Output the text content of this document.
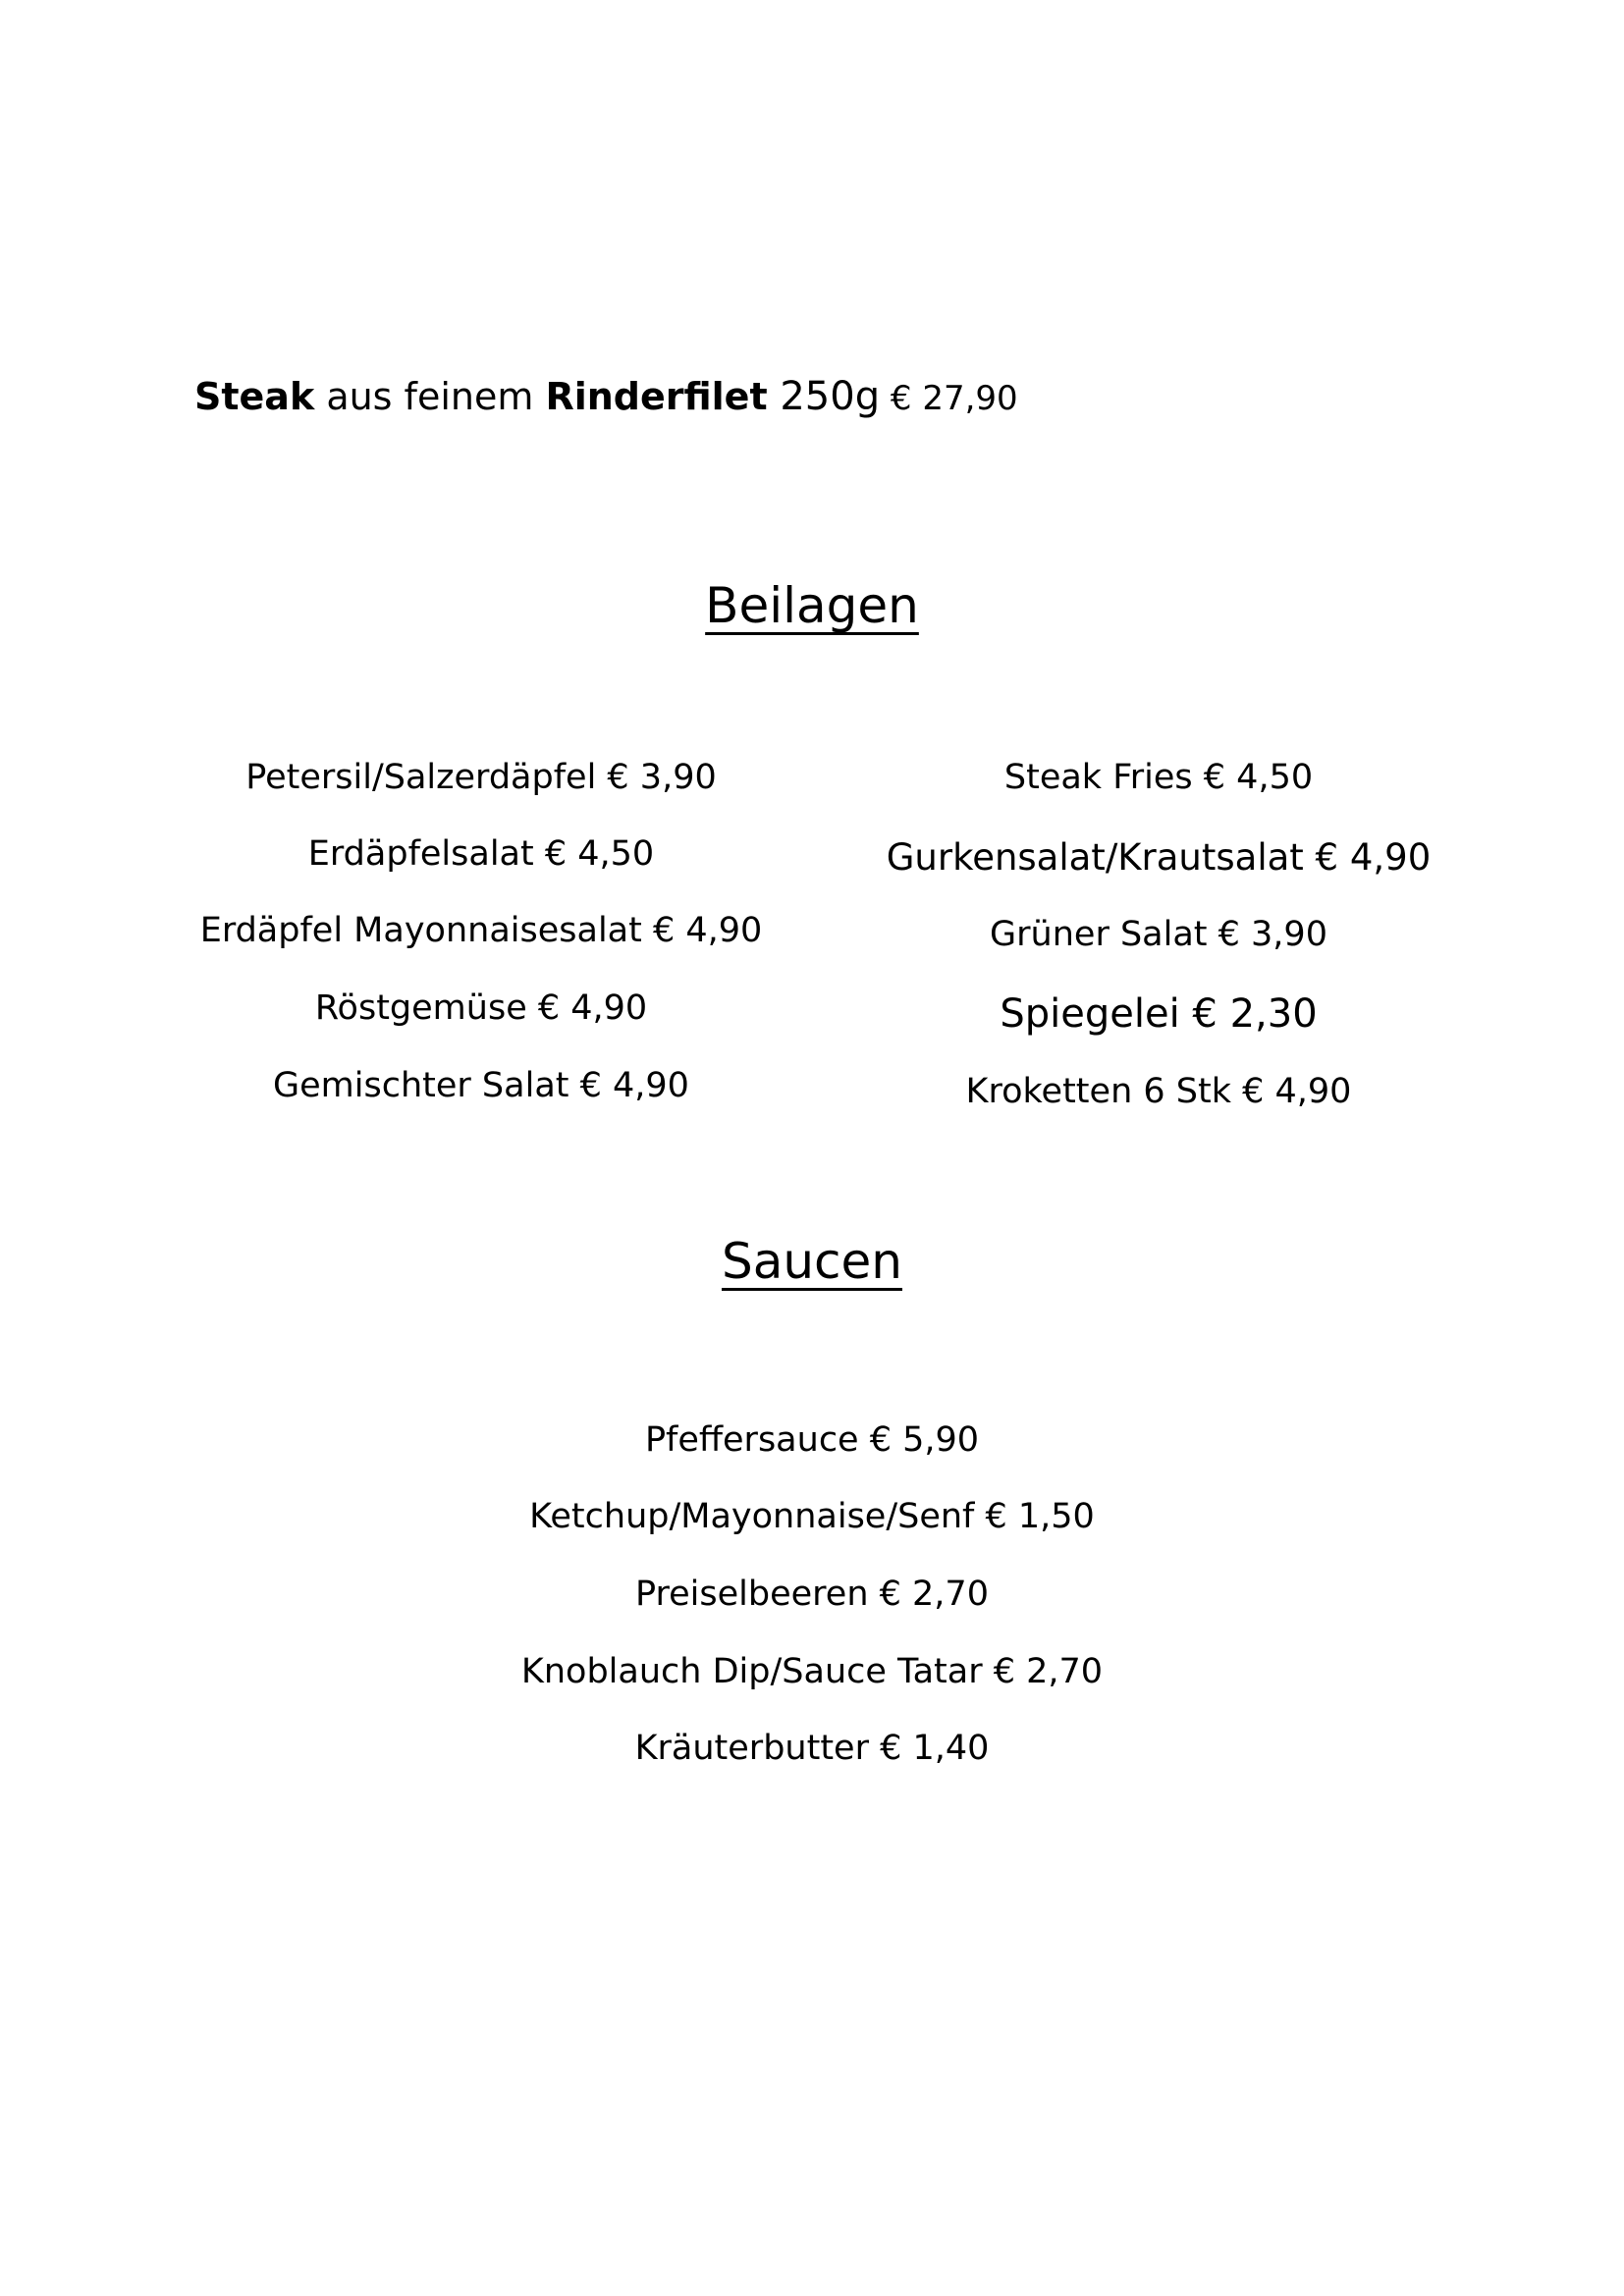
Steak aus feinem Rinderfilet 250g € 27,90
Beilagen
Petersil/Salzerdäpfel € 3,90
Erdäpfelsalat € 4,50
Erdäpfel Mayonnaisesalat € 4,90
Röstgemüse € 4,90
Gemischter Salat € 4,90
Steak Fries € 4,50
Gurkensalat/Krautsalat € 4,90
Grüner Salat € 3,90
Spiegelei € 2,30
Kroketten 6 Stk € 4,90
Saucen
Pfeffersauce € 5,90
Ketchup/Mayonnaise/Senf € 1,50
Preiselbeeren € 2,70
Knoblauch Dip/Sauce Tatar € 2,70
Kräuterbutter € 1,40
